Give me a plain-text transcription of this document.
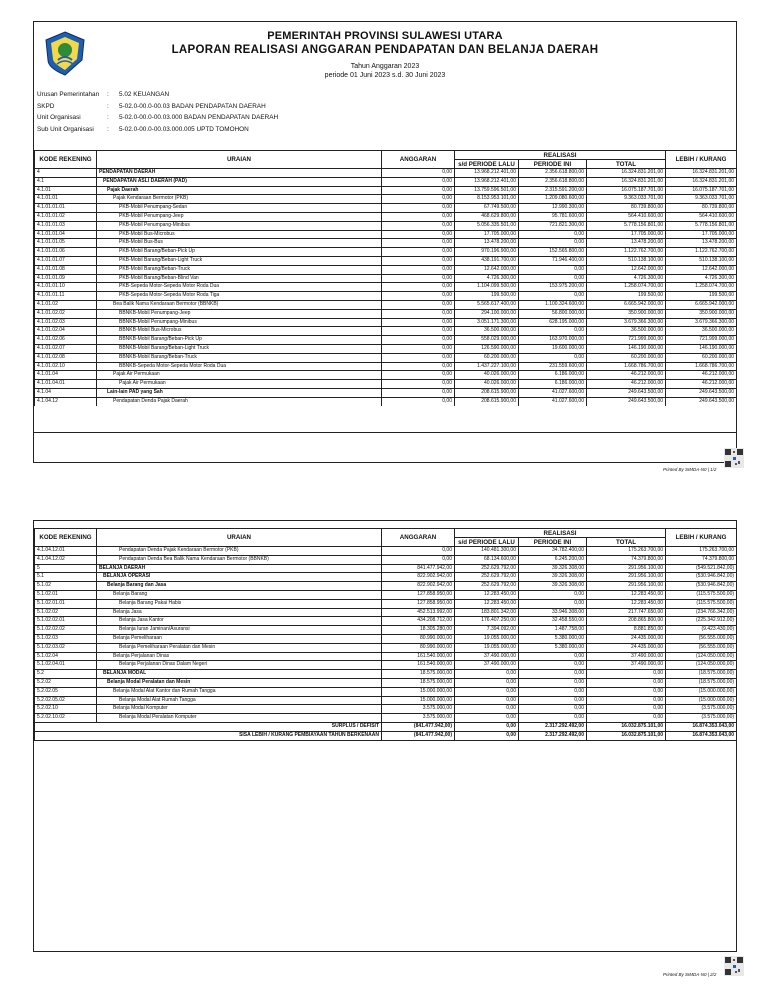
PEMERINTAH PROVINSI SULAWESI UTARA
LAPORAN REALISASI ANGGARAN PENDAPATAN DAN BELANJA DAERAH
Tahun Anggaran 2023
periode 01 Juni 2023 s.d. 30 Juni 2023
Urusan Pemerintahan	:	5.02 KEUANGAN
SKPD	:	5-02.0-00.0-00.03 BADAN PENDAPATAN DAERAH
Unit Organisasi	:	5-02.0-00.0-00.03.000 BADAN PENDAPATAN DAERAH
Sub Unit Organisasi	:	5-02.0-00.0-00.03.000.005 UPTD TOMOHON
KODE REKENING	URAIAN	ANGGARAN	REALISASI			LEBIH / KURANG
			s/d PERIODE LALU	PERIODE INI	TOTAL	
4	PENDAPATAN DAERAH	0,00	13.968.212.401,00	2.356.618.800,00	16.324.831.201,00	16.324.831.201,00
4.1	PENDAPATAN ASLI DAERAH (PAD)	0,00	13.968.212.401,00	2.356.618.800,00	16.324.831.201,00	16.324.831.201,00
4.1.01	Pajak Daerah	0,00	13.759.596.501,00	2.315.591.200,00	16.075.187.701,00	16.075.187.701,00
4.1.01.01	Pajak Kendaraan Bermotor (PKB)	0,00	8.153.953.101,00	1.209.080.600,00	9.363.033.701,00	9.363.033.701,00
4.1.01.01.01	PKB-Mobil Penumpang-Sedan	0,00	67.749.500,00	12.990.300,00	80.739.800,00	80.739.800,00
4.1.01.01.02	PKB-Mobil Penumpang-Jeep	0,00	468.629.800,00	95.781.600,00	564.410.600,00	564.410.600,00
4.1.01.01.03	PKB-Mobil Penumpang-Minibus	0,00	5.056.335.501,00	721.821.300,00	5.778.156.801,00	5.778.156.801,00
4.1.01.01.04	PKB-Mobil Bus-Microbus	0,00	17.705.000,00	0,00	17.705.000,00	17.705.000,00
4.1.01.01.05	PKB-Mobil Bus-Bus	0,00	13.478.200,00	0,00	13.478.200,00	13.478.200,00
4.1.01.01.06	PKB-Mobil Barang/Beban-Pick Up	0,00	970.196.900,00	152.565.800,00	1.122.762.700,00	1.122.762.700,00
4.1.01.01.07	PKB-Mobil Barang/Beban-Light Truck	0,00	438.191.700,00	71.946.400,00	510.138.100,00	510.138.100,00
4.1.01.01.08	PKB-Mobil Barang/Beban-Truck	0,00	12.642.000,00	0,00	12.642.000,00	12.642.000,00
4.1.01.01.09	PKB-Mobil Barang/Beban-Blind Van	0,00	4.726.300,00	0,00	4.726.300,00	4.726.300,00
4.1.01.01.10	PKB-Sepeda Motor-Sepeda Motor Roda Dua	0,00	1.104.099.500,00	153.975.200,00	1.258.074.700,00	1.258.074.700,00
4.1.01.01.11	PKB-Sepeda Motor-Sepeda Motor Roda Tiga	0,00	199.500,00	0,00	199.500,00	199.500,00
4.1.01.02	Bea Balik Nama Kendaraan Bermotor (BBNKB)	0,00	5.565.617.400,00	1.100.324.600,00	6.665.942.000,00	6.665.942.000,00
4.1.01.02.02	BBNKB-Mobil Penumpang-Jeep	0,00	294.100.000,00	56.800.000,00	350.900.000,00	350.900.000,00
4.1.01.02.03	BBNKB-Mobil Penumpang-Minibus	0,00	3.051.171.300,00	628.195.000,00	3.679.366.300,00	3.679.366.300,00
4.1.01.02.04	BBNKB-Mobil Bus-Microbus	0,00	36.500.000,00	0,00	36.500.000,00	36.500.000,00
4.1.01.02.06	BBNKB-Mobil Barang/Beban-Pick Up	0,00	558.029.000,00	163.970.000,00	721.999.000,00	721.999.000,00
4.1.01.02.07	BBNKB-Mobil Barang/Beban-Light Truck	0,00	126.590.000,00	19.600.000,00	146.190.000,00	146.190.000,00
4.1.01.02.08	BBNKB-Mobil Barang/Beban-Truck	0,00	60.200.000,00	0,00	60.200.000,00	60.200.000,00
4.1.01.02.10	BBNKB-Sepeda Motor-Sepeda Motor Roda Dua	0,00	1.437.227.100,00	231.559.600,00	1.668.786.700,00	1.668.786.700,00
4.1.01.04	Pajak Air Permukaan	0,00	40.026.000,00	6.186.000,00	46.212.000,00	46.212.000,00
4.1.01.04.01	Pajak Air Permukaan	0,00	40.026.000,00	6.186.000,00	46.212.000,00	46.212.000,00
4.1.04	Lain-lain PAD yang Sah	0,00	208.615.900,00	41.027.600,00	249.643.500,00	249.643.500,00
4.1.04.12	Pendapatan Denda Pajak Daerah	0,00	208.615.900,00	41.027.600,00	249.643.500,00	249.643.500,00
Printed By SIMDA-N0 | 1/2
KODE REKENING	URAIAN	ANGGARAN	REALISASI			LEBIH / KURANG
			s/d PERIODE LALU	PERIODE INI	TOTAL	
4.1.04.12.01	Pendapatan Denda Pajak Kendaraan Bermotor (PKB)	0,00	140.481.300,00	34.782.400,00	175.263.700,00	175.263.700,00
4.1.04.12.02	Pendapatan Denda Bea Balik Nama Kendaraan Bermotor (BBNKB)	0,00	68.134.600,00	6.245.200,00	74.379.800,00	74.379.800,00
5	BELANJA DAERAH	841.477.942,00	252.629.792,00	39.326.308,00	291.956.100,00	(549.521.842,00)
5.1	BELANJA OPERASI	822.902.942,00	252.629.792,00	39.326.308,00	291.956.100,00	(530.946.842,00)
5.1.02	Belanja Barang dan Jasa	822.902.942,00	252.629.792,00	39.326.308,00	291.956.100,00	(530.946.842,00)
5.1.02.01	Belanja Barang	127.858.950,00	12.283.450,00	0,00	12.283.450,00	(115.575.500,00)
5.1.02.01.01	Belanja Barang Pakai Habis	127.858.950,00	12.283.450,00	0,00	12.283.450,00	(115.575.500,00)
5.1.02.02	Belanja Jasa	452.513.992,00	183.801.342,00	33.946.308,00	217.747.650,00	(234.766.342,00)
5.1.02.02.01	Belanja Jasa Kantor	434.208.712,00	176.407.250,00	32.458.550,00	208.865.800,00	(225.342.912,00)
5.1.02.02.02	Belanja Iuran Jaminan/Asuransi	18.305.280,00	7.394.092,00	1.487.758,00	8.881.850,00	(9.423.430,00)
5.1.02.03	Belanja Pemeliharaan	80.990.000,00	19.055.000,00	5.380.000,00	24.435.000,00	(56.555.000,00)
5.1.02.03.02	Belanja Pemeliharaan Peralatan dan Mesin	80.990.000,00	19.055.000,00	5.380.000,00	24.435.000,00	(56.555.000,00)
5.1.02.04	Belanja Perjalanan Dinas	161.540.000,00	37.490.000,00	0,00	37.490.000,00	(124.050.000,00)
5.1.02.04.01	Belanja Perjalanan Dinas Dalam Negeri	161.540.000,00	37.490.000,00	0,00	37.490.000,00	(124.050.000,00)
5.2	BELANJA MODAL	18.575.000,00	0,00	0,00	0,00	(18.575.000,00)
5.2.02	Belanja Modal Peralatan dan Mesin	18.575.000,00	0,00	0,00	0,00	(18.575.000,00)
5.2.02.05	Belanja Modal Alat Kantor dan Rumah Tangga	15.000.000,00	0,00	0,00	0,00	(15.000.000,00)
5.2.02.05.02	Belanja Modal Alat Rumah Tangga	15.000.000,00	0,00	0,00	0,00	(15.000.000,00)
5.2.02.10	Belanja Modal Komputer	3.575.000,00	0,00	0,00	0,00	(3.575.000,00)
5.2.02.10.02	Belanja Modal Peralatan Komputer	3.575.000,00	0,00	0,00	0,00	(3.575.000,00)
SURPLUS / DEFISIT		(841.477.942,00)	0,00	2.317.292.492,00	16.032.875.101,00	16.874.353.043,00
SISA LEBIH / KURANG PEMBIAYAAN TAHUN BERKENAAN		(841.477.942,00)	0,00	2.317.292.492,00	16.032.875.101,00	16.874.353.043,00
Printed By SIMDA-N0 | 2/2
